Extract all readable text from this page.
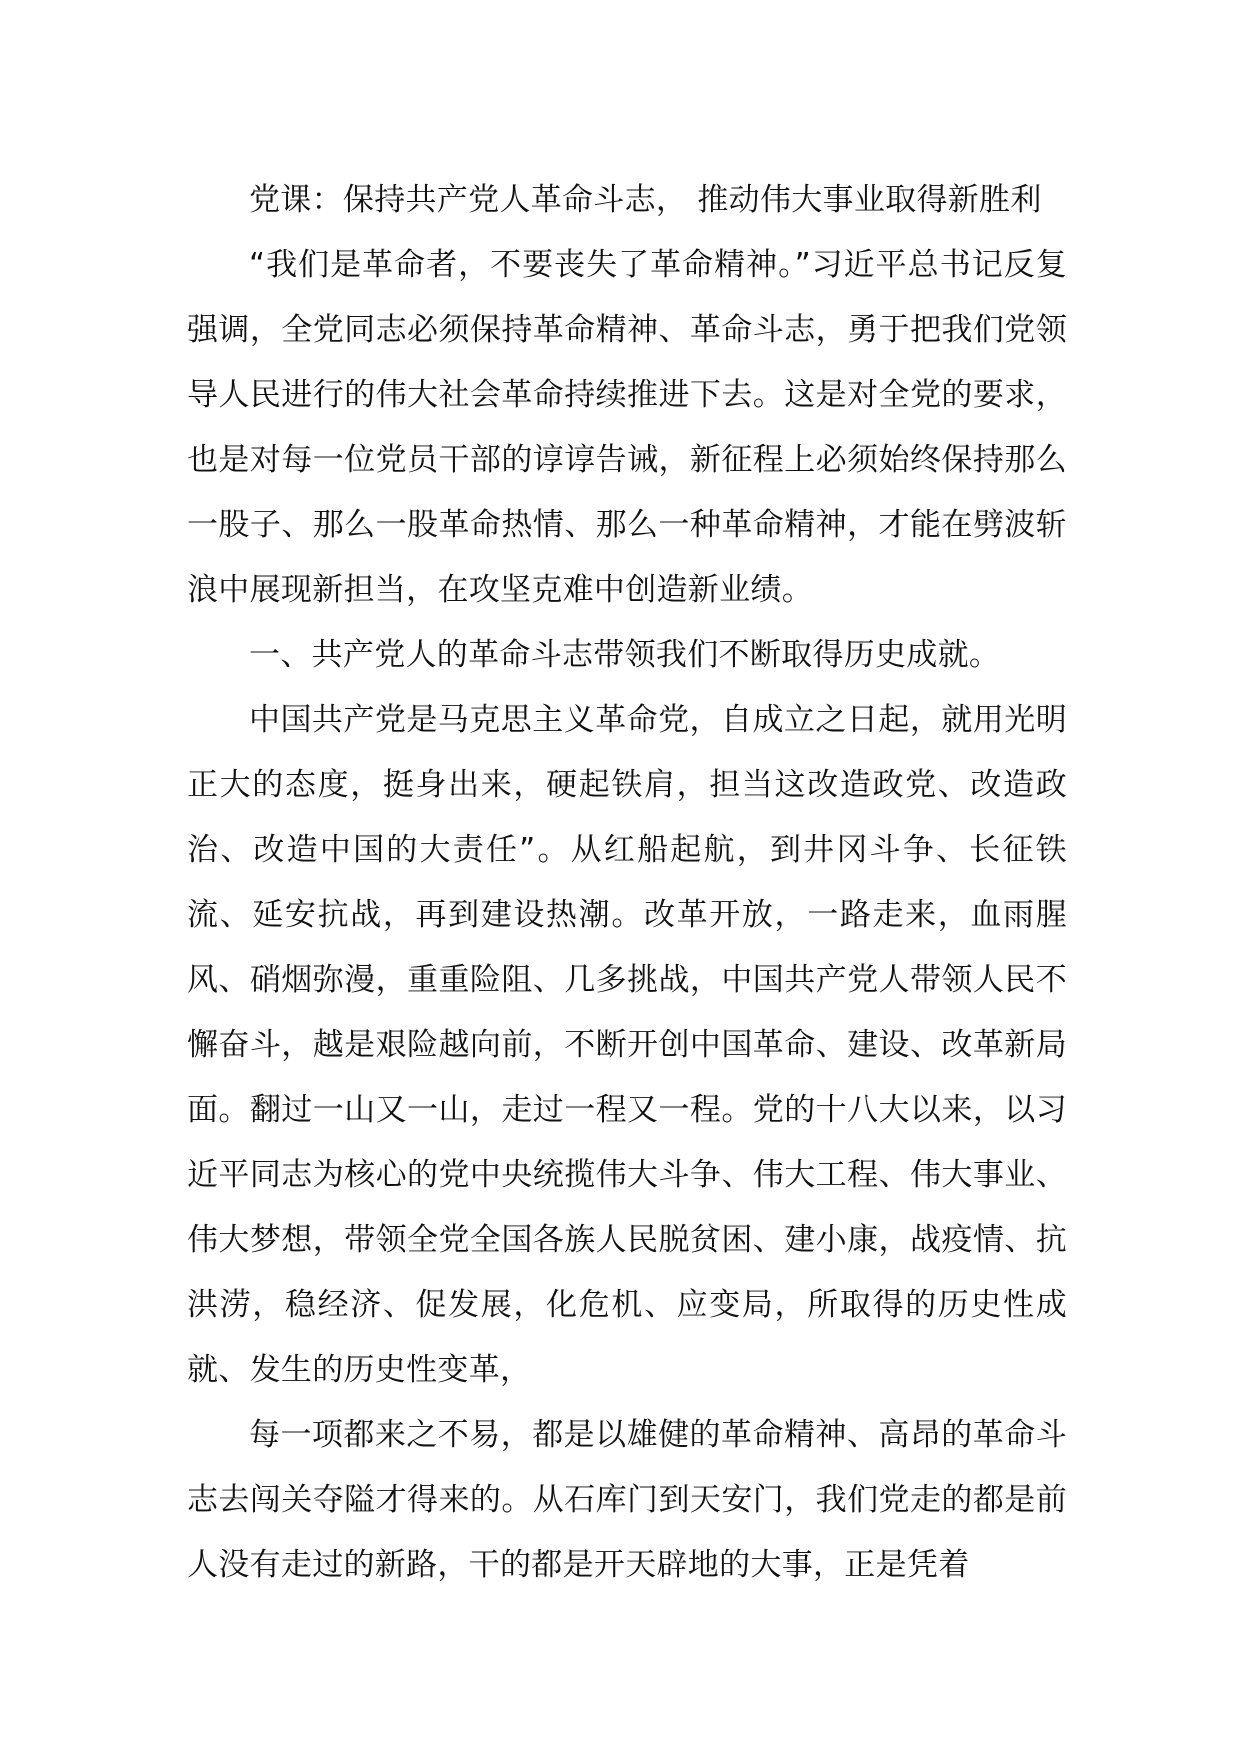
党课：保持共产党人革命斗志， 推动伟大事业取得新胜利

“我们是革命者，不要丧失了革命精神。”习近平总书记反复强调，全党同志必须保持革命精神、革命斗志，勇于把我们党领导人民进行的伟大社会革命持续推进下去。这是对全党的要求，也是对每一位党员干部的谆谆告诫，新征程上必须始终保持那么一股子、那么一股革命热情、那么一种革命精神，才能在劈波斩浪中展现新担当，在攻坚克难中创造新业绩。

一、共产党人的革命斗志带领我们不断取得历史成就。

中国共产党是马克思主义革命党，自成立之日起，就用光明正大的态度，挺身出来，硬起铁肩，担当这改造政党、改造政治、改造中国的大责任”。从红船起航，到井冈斗争、长征铁流、延安抗战，再到建设热潮。改革开放，一路走来，血雨腥风、硝烟弥漫，重重险阻、几多挑战，中国共产党人带领人民不懈奋斗，越是艰险越向前，不断开创中国革命、建设、改革新局面。翻过一山又一山，走过一程又一程。党的十八大以来，以习近平同志为核心的党中央统揽伟大斗争、伟大工程、伟大事业、伟大梦想，带领全党全国各族人民脱贫困、建小康，战疫情、抗洪涝，稳经济、促发展，化危机、应变局，所取得的历史性成就、发生的历史性变革，

每一项都来之不易，都是以雄健的革命精神、高昂的革命斗志去闯关夺隘才得来的。从石库门到天安门，我们党走的都是前人没有走过的新路，干的都是开天辟地的大事，正是凭着
